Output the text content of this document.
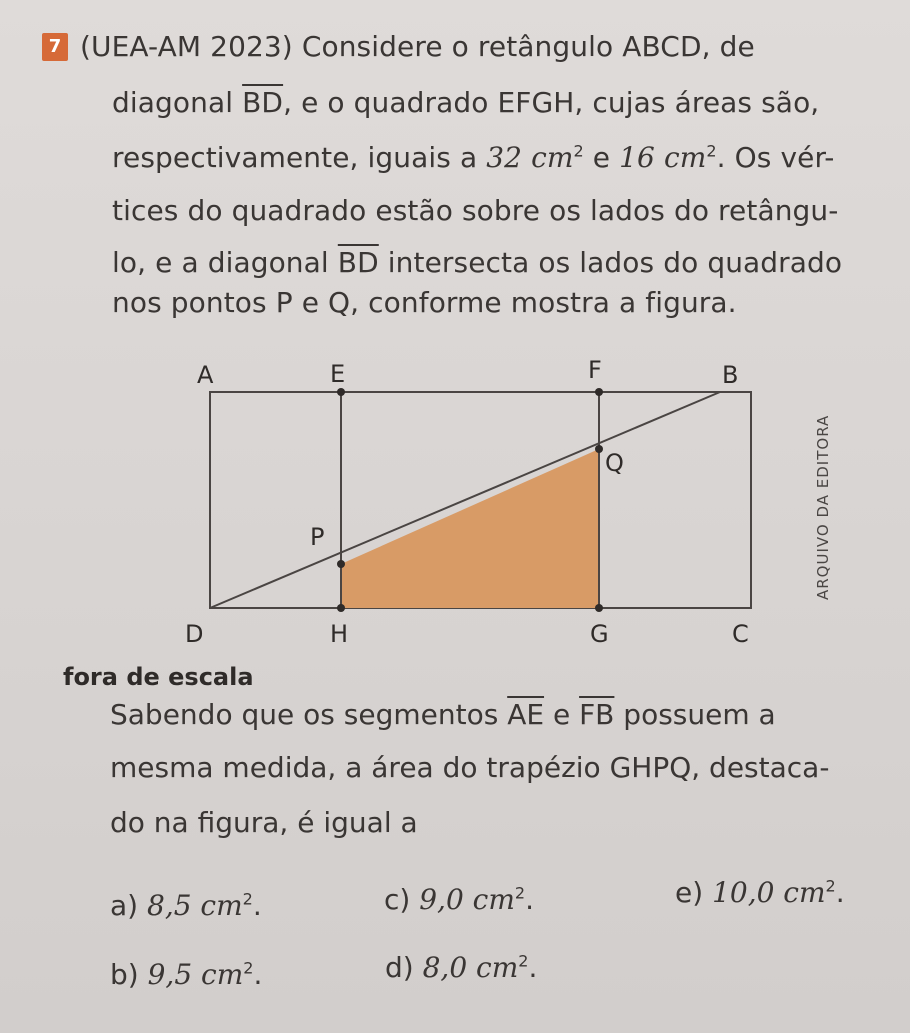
7 (UEA-AM 2023) Considere o retângulo ABCD, de
diagonal $\overline{BD}$, e o quadrado EFGH, cujas áreas são,
respectivamente, iguais a 32 $cm^2$ e 16 $cm^2$. Os vér-
tices do quadrado estão sobre os lados do retângu-
lo, e a diagonal $\overline{BD}$ intersecta os lados do quadrado
nos pontos P e Q, conforme mostra a figura.
A	E	F	B
Q
P
D	H	G	C
ARQUIVO DA EDITORA
fora de escala
Sabendo que os segmentos $\overline{AE}$ e $\overline{FB}$ possuem a
mesma medida, a área do trapézio GHPQ, destaca-
do na figura, é igual a
a) 8,5 $cm^2$.	c) 9,0 $cm^2$.	e) 10,0 $cm^2$.
b) 9,5 $cm^2$.	d) 8,0 $cm^2$.
